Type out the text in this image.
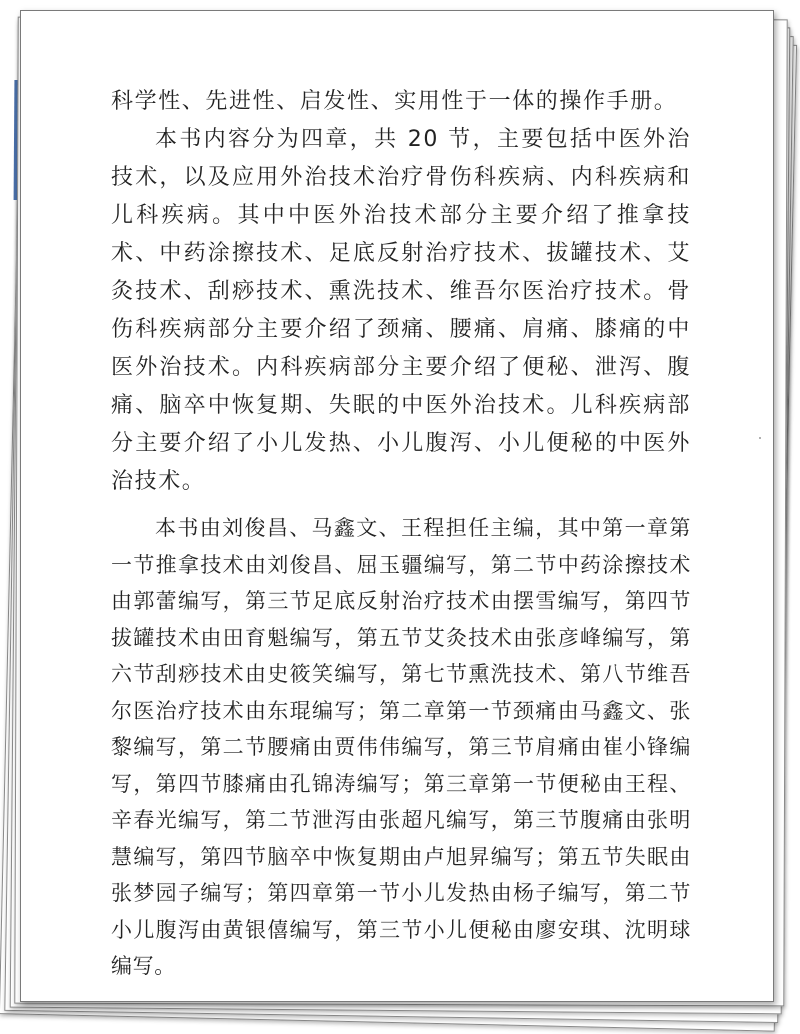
科学性、先进性、启发性、实用性于一体的操作手册。

本书内容分为四章，共 20 节，主要包括中医外治技术，以及应用外治技术治疗骨伤科疾病、内科疾病和儿科疾病。其中中医外治技术部分主要介绍了推拿技术、中药涂擦技术、足底反射治疗技术、拔罐技术、艾灸技术、刮痧技术、熏洗技术、维吾尔医治疗技术。骨伤科疾病部分主要介绍了颈痛、腰痛、肩痛、膝痛的中医外治技术。内科疾病部分主要介绍了便秘、泄泻、腹痛、脑卒中恢复期、失眠的中医外治技术。儿科疾病部分主要介绍了小儿发热、小儿腹泻、小儿便秘的中医外治技术。

本书由刘俊昌、马鑫文、王程担任主编，其中第一章第一节推拿技术由刘俊昌、屈玉疆编写，第二节中药涂擦技术由郭蕾编写，第三节足底反射治疗技术由摆雪编写，第四节拔罐技术由田育魁编写，第五节艾灸技术由张彦峰编写，第六节刮痧技术由史筱笑编写，第七节熏洗技术、第八节维吾尔医治疗技术由东琨编写；第二章第一节颈痛由马鑫文、张黎编写，第二节腰痛由贾伟伟编写，第三节肩痛由崔小锋编写，第四节膝痛由孔锦涛编写；第三章第一节便秘由王程、辛春光编写，第二节泄泻由张超凡编写，第三节腹痛由张明慧编写，第四节脑卒中恢复期由卢旭昇编写；第五节失眠由张梦园子编写；第四章第一节小儿发热由杨子编写，第二节小儿腹泻由黄银僖编写，第三节小儿便秘由廖安琪、沈明球编写。
